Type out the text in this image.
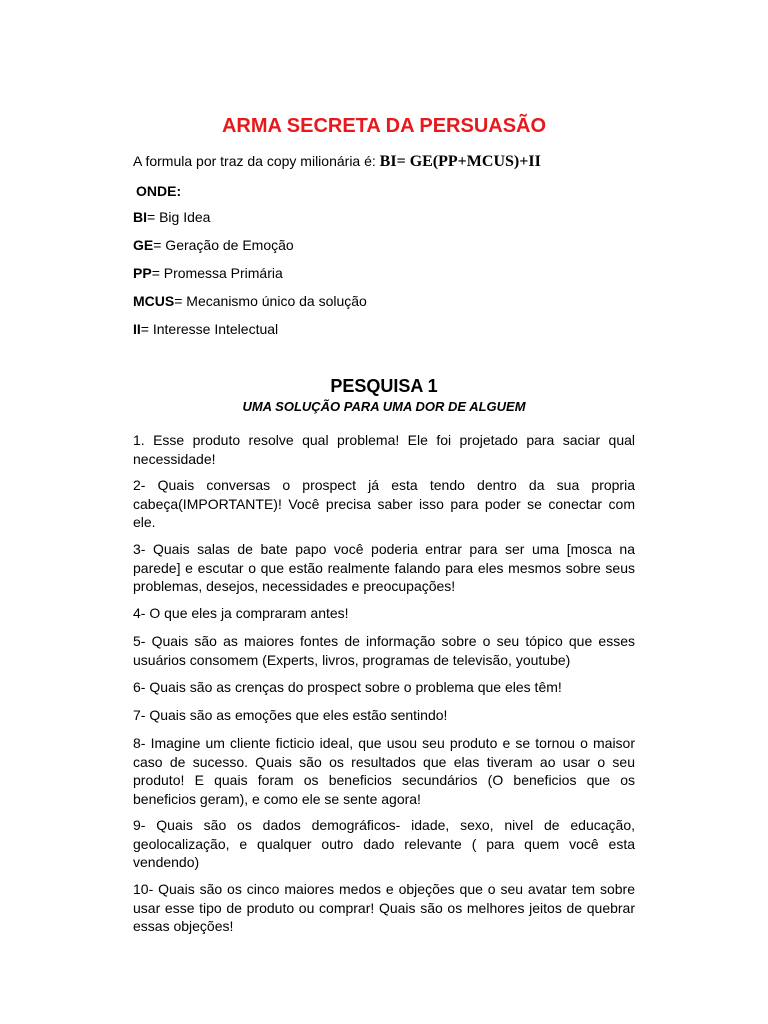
ARMA SECRETA DA PERSUASÃO
A formula por traz da copy milionária é: BI= GE(PP+MCUS)+II
ONDE:
BI= Big Idea
GE= Geração de Emoção
PP= Promessa Primária
MCUS= Mecanismo único da solução
II= Interesse Intelectual
PESQUISA 1
UMA SOLUÇÃO PARA UMA DOR DE ALGUEM

1. Esse produto resolve qual problema! Ele foi projetado para saciar qual necessidade!

2- Quais conversas o prospect já esta tendo dentro da sua propria cabeça(IMPORTANTE)! Você precisa saber isso para poder se conectar com ele.

3- Quais salas de bate papo você poderia entrar para ser uma [mosca na parede] e escutar o que estão realmente falando para eles mesmos sobre seus problemas, desejos, necessidades e preocupações!

4- O que eles ja compraram antes!

5- Quais são as maiores fontes de informação sobre o seu tópico que esses usuários consomem (Experts, livros, programas de televisão, youtube)

6- Quais são as crenças do prospect sobre o problema que eles têm!

7- Quais são as emoções que eles estão sentindo!

8- Imagine um cliente ficticio ideal, que usou seu produto e se tornou o maisor caso de sucesso. Quais são os resultados que elas tiveram ao usar o seu produto! E quais foram os beneficios secundários (O beneficios que os beneficios geram), e como ele se sente agora!

9- Quais são os dados demográficos- idade, sexo, nivel de educação, geolocalização, e qualquer outro dado relevante ( para quem você esta vendendo)

10- Quais são os cinco maiores medos e objeções que o seu avatar tem sobre usar esse tipo de produto ou comprar! Quais são os melhores jeitos de quebrar essas objeções!
